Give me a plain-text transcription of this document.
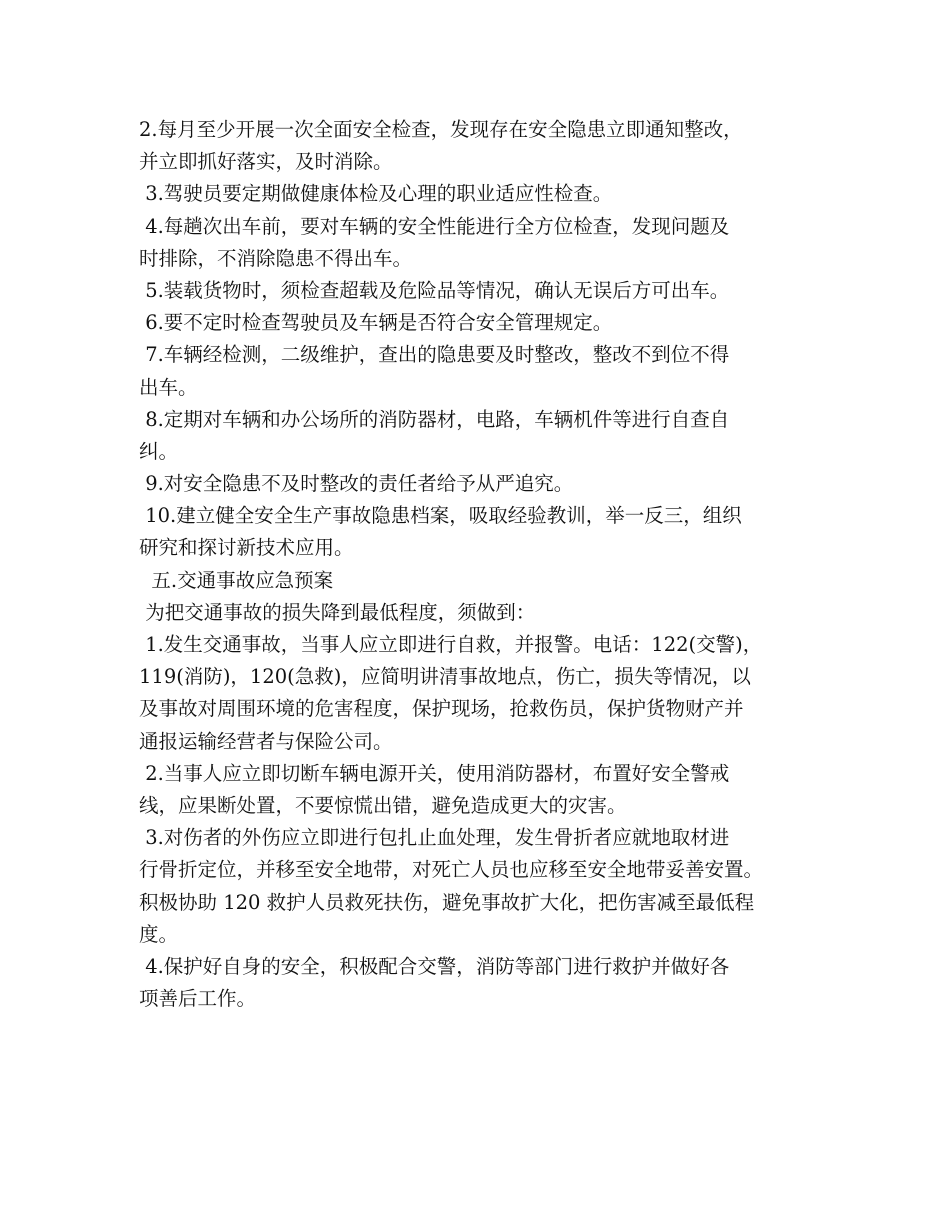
2.每月至少开展一次全面安全检查，发现存在安全隐患立即通知整改，
并立即抓好落实，及时消除。
3.驾驶员要定期做健康体检及心理的职业适应性检查。
4.每趟次出车前，要对车辆的安全性能进行全方位检查，发现问题及
时排除，不消除隐患不得出车。
5.装载货物时，须检查超载及危险品等情况，确认无误后方可出车。
6.要不定时检查驾驶员及车辆是否符合安全管理规定。
7.车辆经检测，二级维护，查出的隐患要及时整改，整改不到位不得
出车。
8.定期对车辆和办公场所的消防器材，电路，车辆机件等进行自查自
纠。
9.对安全隐患不及时整改的责任者给予从严追究。
10.建立健全安全生产事故隐患档案，吸取经验教训，举一反三，组织
研究和探讨新技术应用。
五.交通事故应急预案
为把交通事故的损失降到最低程度，须做到：
1.发生交通事故，当事人应立即进行自救，并报警。电话：122(交警)，
119(消防)，120(急救)，应简明讲清事故地点，伤亡，损失等情况，以
及事故对周围环境的危害程度，保护现场，抢救伤员，保护货物财产并
通报运输经营者与保险公司。
2.当事人应立即切断车辆电源开关，使用消防器材，布置好安全警戒
线，应果断处置，不要惊慌出错，避免造成更大的灾害。
3.对伤者的外伤应立即进行包扎止血处理，发生骨折者应就地取材进
行骨折定位，并移至安全地带，对死亡人员也应移至安全地带妥善安置。
积极协助 120 救护人员救死扶伤，避免事故扩大化，把伤害减至最低程
度。
4.保护好自身的安全，积极配合交警，消防等部门进行救护并做好各
项善后工作。
